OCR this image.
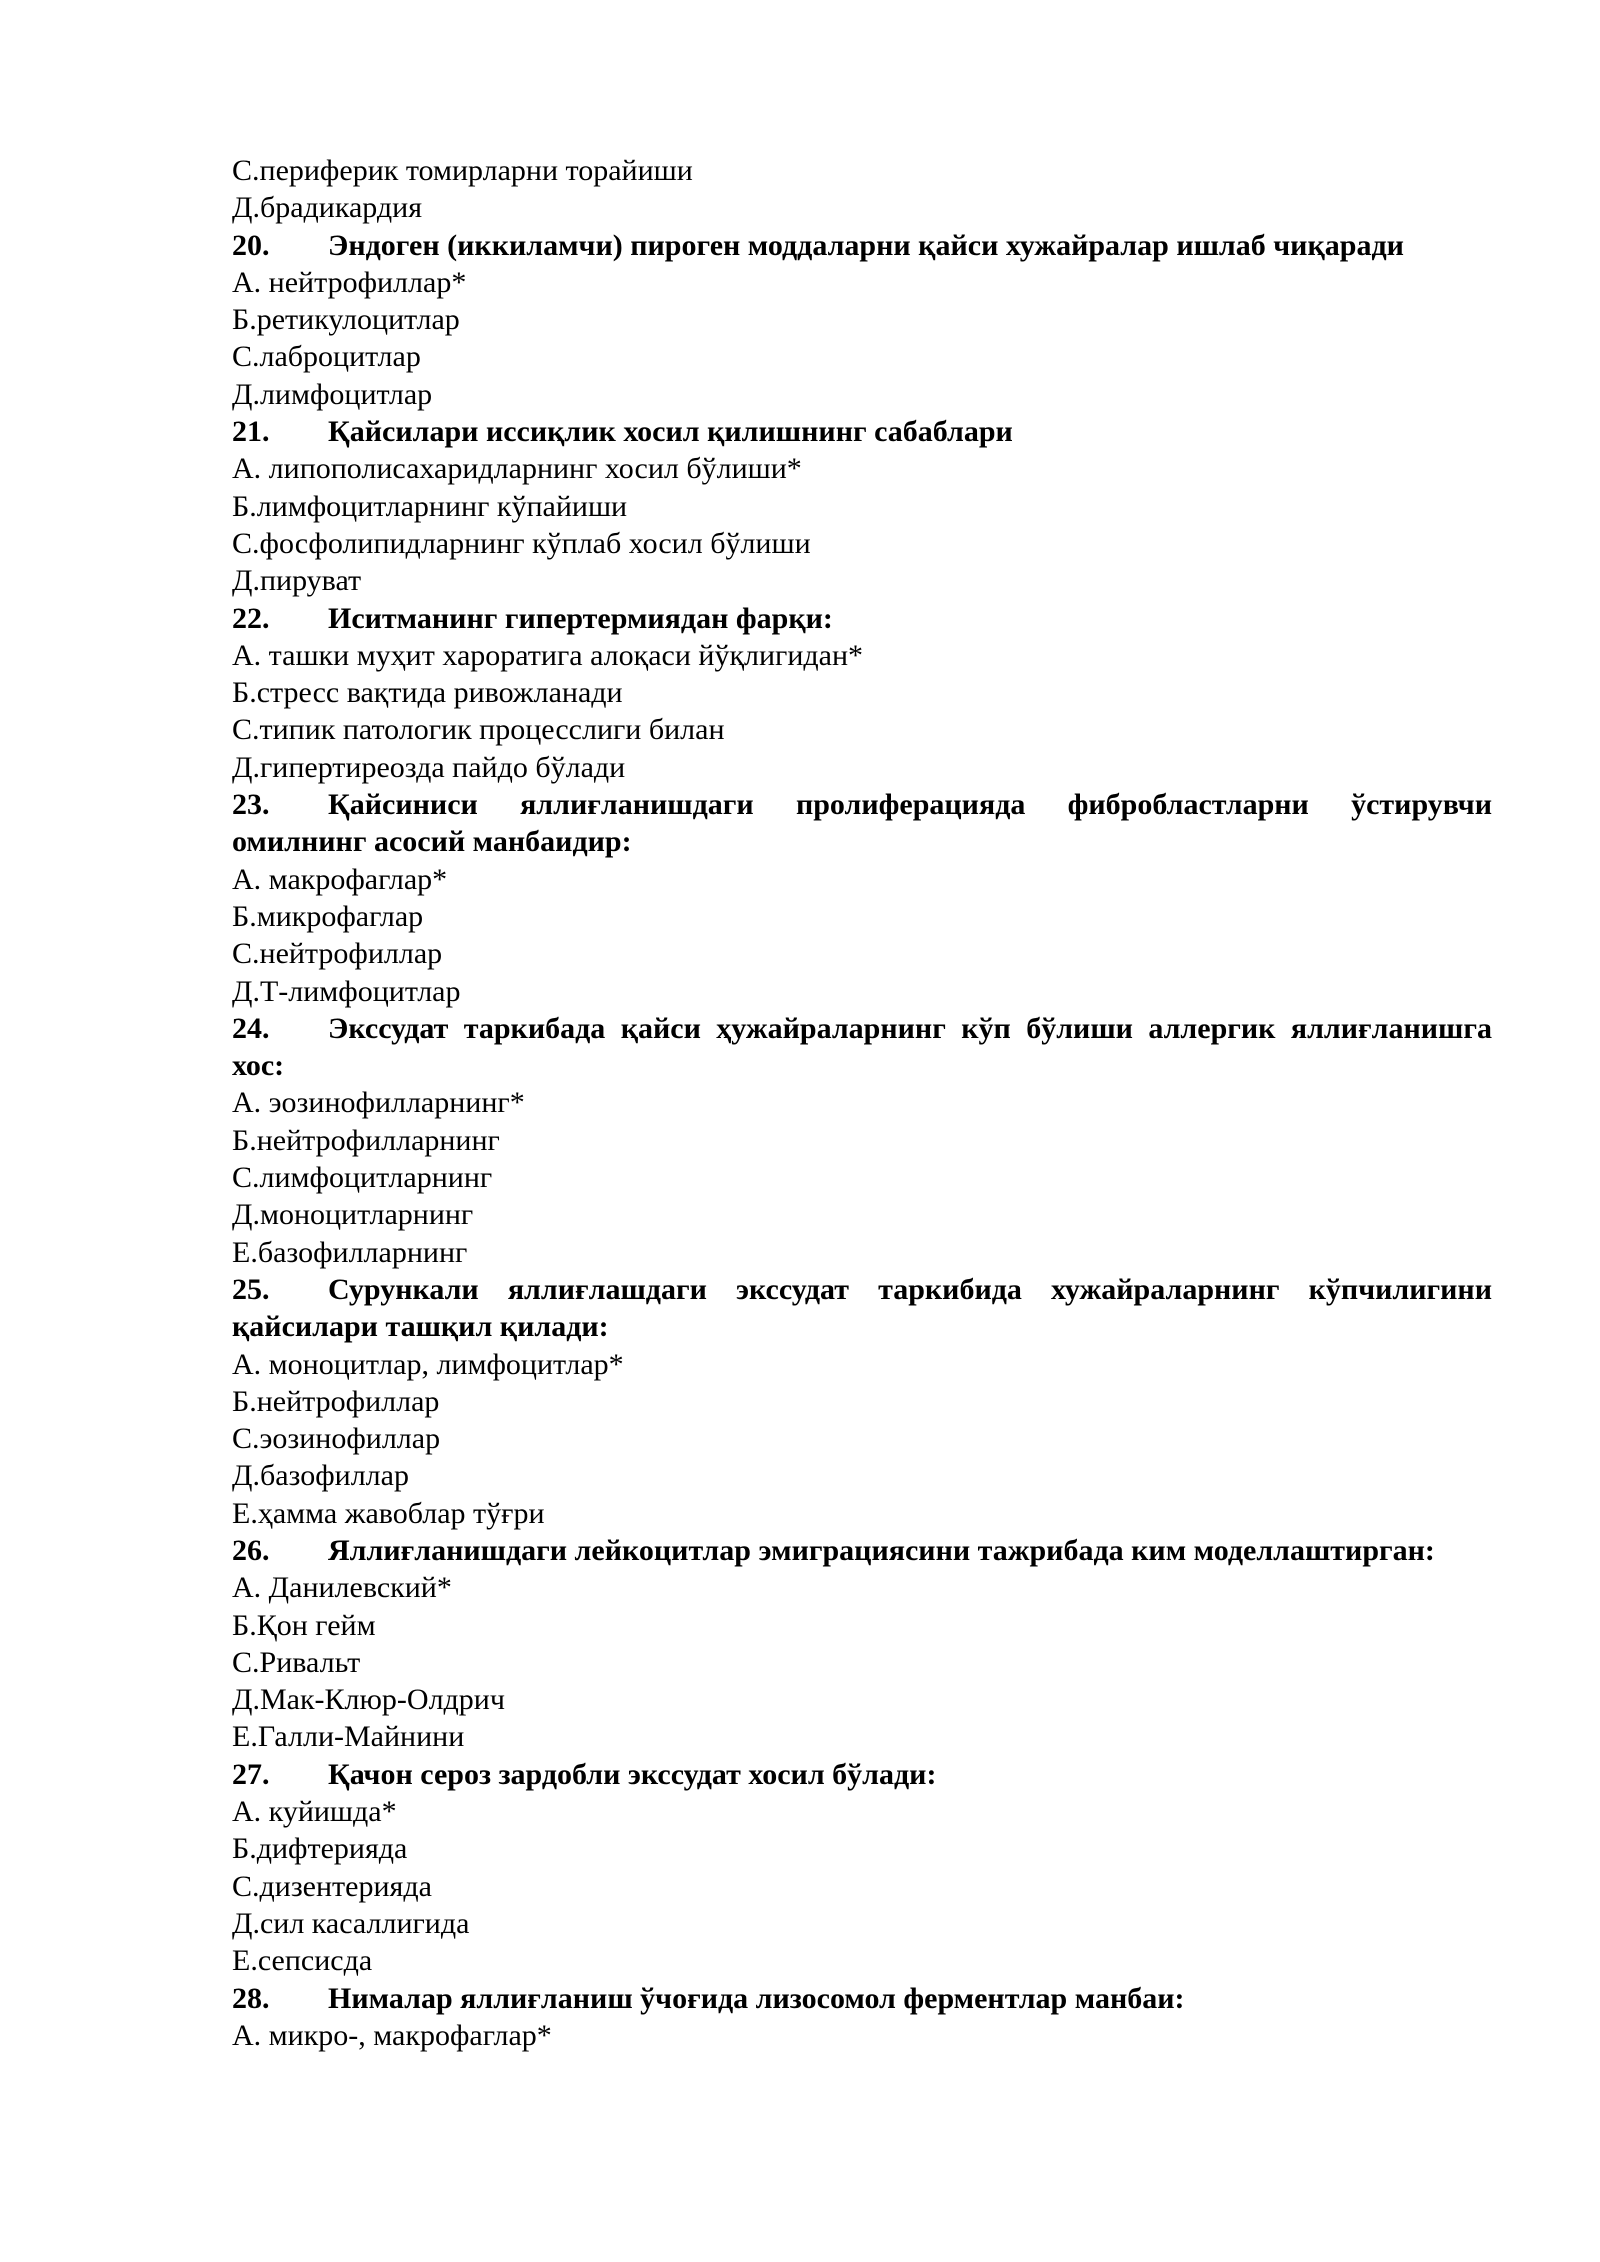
С.периферик томирларни торайиши

Д.брадикардия

20. Эндоген (иккиламчи) пироген моддаларни қайси хужайралар ишлаб чиқаради

А. нейтрофиллар*

Б.ретикулоцитлар

С.лаброцитлар

Д.лимфоцитлар

21. Қайсилари иссиқлик хосил қилишнинг сабаблари

А. липополисахаридларнинг хосил бўлиши*

Б.лимфоцитларнинг кўпайиши

С.фосфолипидларнинг кўплаб хосил бўлиши

Д.пируват

22. Иситманинг гипертермиядан фарқи:

А. ташки муҳит хароратига алоқаси йўқлигидан*

Б.стресс вақтида ривожланади

С.типик патологик процесслиги билан

Д.гипертиреозда пайдо бўлади

23. Қайсиниси яллиғланишдаги пролиферацияда фибробластларни ўстирувчи омилнинг асосий манбаидир:

А. макрофаглар*

Б.микрофаглар

С.нейтрофиллар

Д.Т-лимфоцитлар

24. Экссудат таркибада қайси ҳужайраларнинг кўп бўлиши аллергик яллиғланишга хос:

А. эозинофилларнинг*

Б.нейтрофилларнинг

С.лимфоцитларнинг

Д.моноцитларнинг

Е.базофилларнинг

25. Сурункали яллиғлашдаги экссудат таркибида хужайраларнинг кўпчилигини қайсилари ташқил қилади:

А. моноцитлар, лимфоцитлар*

Б.нейтрофиллар

С.эозинофиллар

Д.базофиллар

Е.ҳамма жавоблар тўғри

26. Яллиғланишдаги лейкоцитлар эмиграциясини тажрибада ким моделлаштирган:

А. Данилевский*

Б.Қон гейм

С.Ривальт

Д.Мак-Клюр-Олдрич

Е.Галли-Майнини

27. Қачон сероз зардобли экссудат хосил бўлади:

А. куйишда*

Б.дифтерияда

С.дизентерияда

Д.сил касаллигида

Е.сепсисда

28. Нималар яллиғланиш ўчоғида лизосомол ферментлар манбаи:

А. микро-, макрофаглар*
